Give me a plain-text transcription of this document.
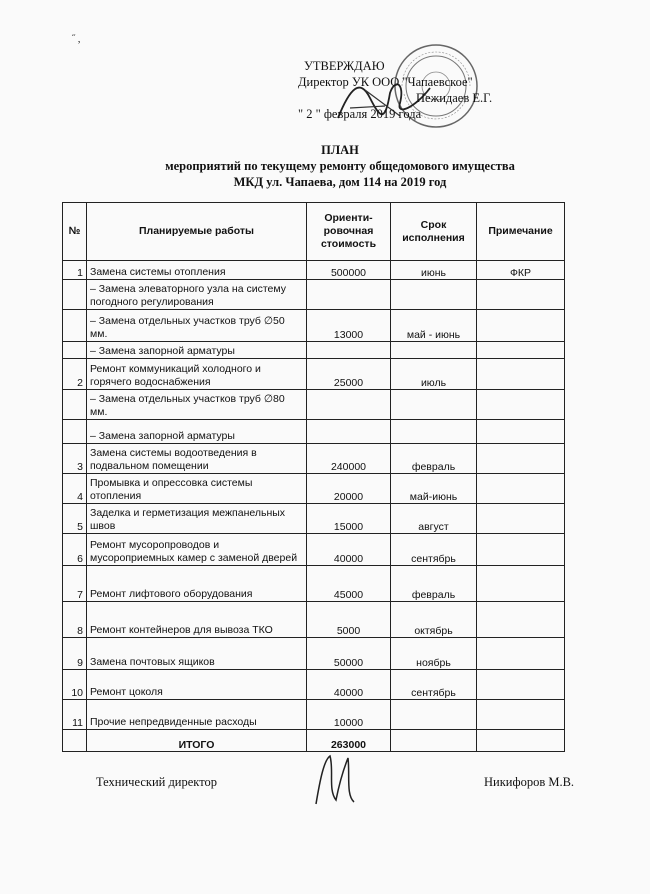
˝ ,
УТВЕРЖДАЮ
Директор УК ООО "Чапаевское"
Пежидаев Е.Г.
" 2 " февраля 2019 года
ПЛАН
мероприятий по текущему ремонту общедомового имущества
МКД ул. Чапаева, дом 114 на 2019 год
№	Планируемые работы	Ориенти-ровочная стоимость	Срок исполнения	Примечание
1	Замена системы отопления	500000	июнь	ФКР
	– Замена элеваторного узла на систему погодного регулирования			
	– Замена отдельных участков труб ∅50 мм.	13000	май - июнь	
	– Замена запорной арматуры			
2	Ремонт коммуникаций холодного и горячего водоснабжения	25000	июль	
	– Замена отдельных участков труб ∅80 мм.			
	– Замена запорной арматуры			
3	Замена системы водоотведения в подвальном помещении	240000	февраль	
4	Промывка и опрессовка системы отопления	20000	май-июнь	
5	Заделка и герметизация межпанельных швов	15000	август	
6	Ремонт мусоропроводов и мусороприемных камер с заменой дверей	40000	сентябрь	
7	Ремонт лифтового оборудования	45000	февраль	
8	Ремонт контейнеров для вывоза ТКО	5000	октябрь	
9	Замена почтовых ящиков	50000	ноябрь	
10	Ремонт цоколя	40000	сентябрь	
11	Прочие непредвиденные расходы	10000		
	ИТОГО	263000		
Технический директор	Никифоров М.В.
